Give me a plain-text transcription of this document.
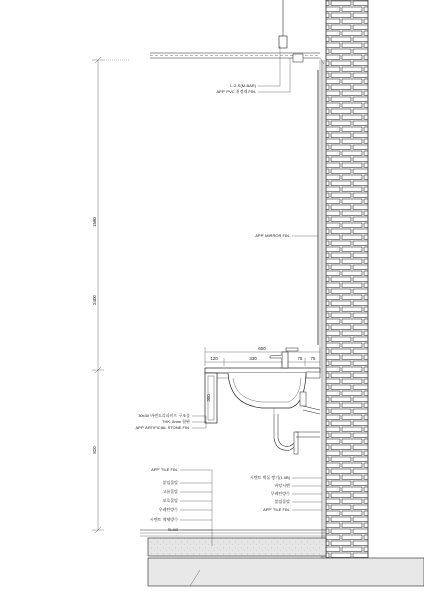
1580
2400
820
600
120	330	75 75
300
L.G.S(M-BAR)
APP' PVC 천정재 FIN.
APP' MIRROR FIN.
30x30 바렌도각파이프 구조물
THK. 8mm 합판
APP' ARTIFICIAL STONE FIN.
APP' TILE FIN.
붙임몰탈
고름몰탈
보호몰탈
우레탄방수
시멘트 액체방수
SLAB
시멘트 벽돌 쌓기(1.0B)
바탕시멘
무레탄방수
붙임몰탈
APP' TILE FIN.
